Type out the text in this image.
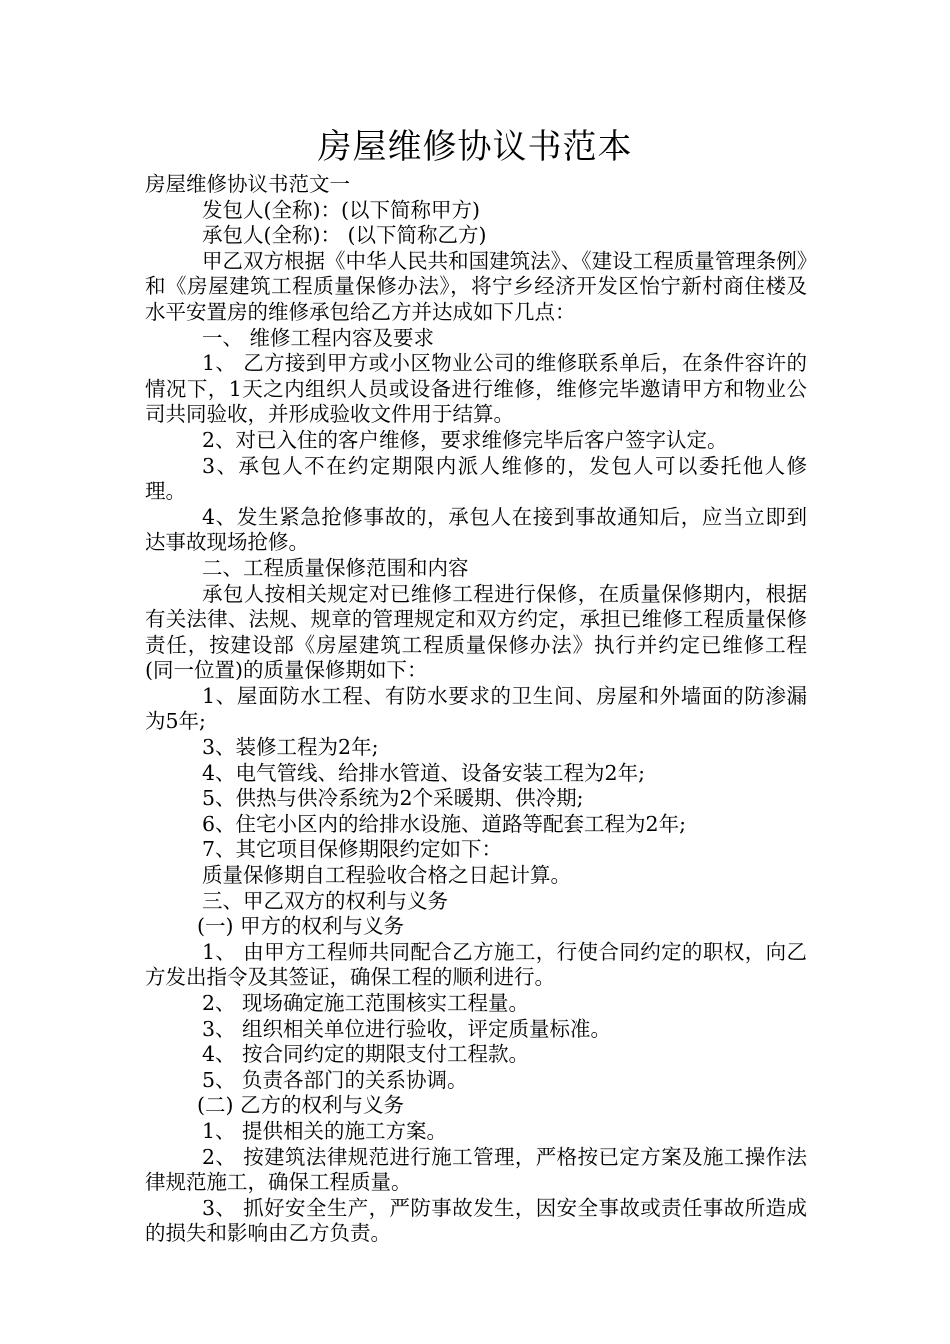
房屋维修协议书范本

房屋维修协议书范文一

发包人(全称)：(以下简称甲方)

承包人(全称)： (以下简称乙方)

甲乙双方根据《中华人民共和国建筑法》、《建设工程质量管理条例》和《房屋建筑工程质量保修办法》，将宁乡经济开发区怡宁新村商住楼及水平安置房的维修承包给乙方并达成如下几点：

一、 维修工程内容及要求

1、 乙方接到甲方或小区物业公司的维修联系单后，在条件容许的情况下，1天之内组织人员或设备进行维修，维修完毕邀请甲方和物业公司共同验收，并形成验收文件用于结算。

2、对已入住的客户维修，要求维修完毕后客户签字认定。

3、承包人不在约定期限内派人维修的，发包人可以委托他人修理。

4、发生紧急抢修事故的，承包人在接到事故通知后，应当立即到达事故现场抢修。

二、工程质量保修范围和内容

承包人按相关规定对已维修工程进行保修，在质量保修期内，根据有关法律、法规、规章的管理规定和双方约定，承担已维修工程质量保修责任，按建设部《房屋建筑工程质量保修办法》执行并约定已维修工程(同一位置)的质量保修期如下：

1、屋面防水工程、有防水要求的卫生间、房屋和外墙面的防渗漏为5年;

3、装修工程为2年;

4、电气管线、给排水管道、设备安装工程为2年;

5、供热与供冷系统为2个采暖期、供冷期;

6、住宅小区内的给排水设施、道路等配套工程为2年;

7、其它项目保修期限约定如下：

质量保修期自工程验收合格之日起计算。

三、甲乙双方的权利与义务

(一) 甲方的权利与义务

1、 由甲方工程师共同配合乙方施工，行使合同约定的职权，向乙方发出指令及其签证，确保工程的顺利进行。

2、 现场确定施工范围核实工程量。

3、 组织相关单位进行验收，评定质量标准。

4、 按合同约定的期限支付工程款。

5、 负责各部门的关系协调。

(二) 乙方的权利与义务

1、 提供相关的施工方案。

2、 按建筑法律规范进行施工管理，严格按已定方案及施工操作法律规范施工，确保工程质量。

3、 抓好安全生产，严防事故发生，因安全事故或责任事故所造成的损失和影响由乙方负责。
